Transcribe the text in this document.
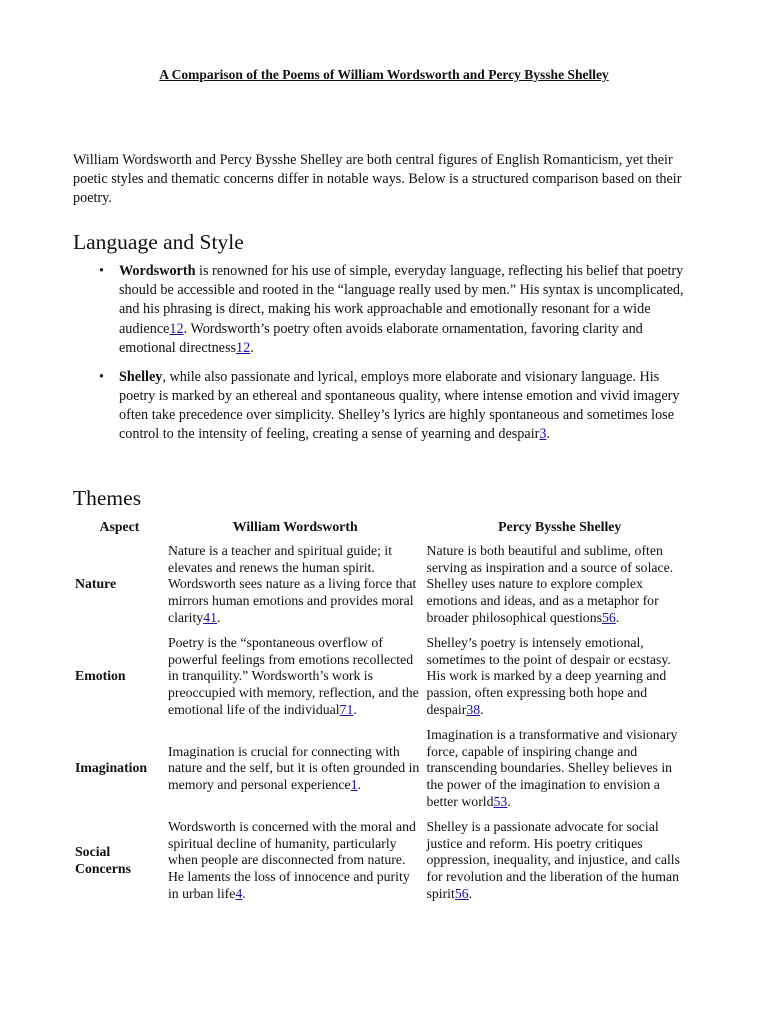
A Comparison of the Poems of William Wordsworth and Percy Bysshe Shelley

William Wordsworth and Percy Bysshe Shelley are both central figures of English Romanticism, yet their poetic styles and thematic concerns differ in notable ways. Below is a structured comparison based on their poetry.

Language and Style
• Wordsworth is renowned for his use of simple, everyday language, reflecting his belief that poetry should be accessible and rooted in the “language really used by men.” His syntax is uncomplicated, and his phrasing is direct, making his work approachable and emotionally resonant for a wide audience12. Wordsworth’s poetry often avoids elaborate ornamentation, favoring clarity and emotional directness12.
• Shelley, while also passionate and lyrical, employs more elaborate and visionary language. His poetry is marked by an ethereal and spontaneous quality, where intense emotion and vivid imagery often take precedence over simplicity. Shelley’s lyrics are highly spontaneous and sometimes lose control to the intensity of feeling, creating a sense of yearning and despair3.
Themes
Aspect	William Wordsworth	Percy Bysshe Shelley
Nature	Nature is a teacher and spiritual guide; it elevates and renews the human spirit. Wordsworth sees nature as a living force that mirrors human emotions and provides moral clarity41.	Nature is both beautiful and sublime, often serving as inspiration and a source of solace. Shelley uses nature to explore complex emotions and ideas, and as a metaphor for broader philosophical questions56.
Emotion	Poetry is the “spontaneous overflow of powerful feelings from emotions recollected in tranquility.” Wordsworth’s work is preoccupied with memory, reflection, and the emotional life of the individual71.	Shelley’s poetry is intensely emotional, sometimes to the point of despair or ecstasy. His work is marked by a deep yearning and passion, often expressing both hope and despair38.
Imagination	Imagination is crucial for connecting with nature and the self, but it is often grounded in memory and personal experience1.	Imagination is a transformative and visionary force, capable of inspiring change and transcending boundaries. Shelley believes in the power of the imagination to envision a better world53.
Social Concerns	Wordsworth is concerned with the moral and spiritual decline of humanity, particularly when people are disconnected from nature. He laments the loss of innocence and purity in urban life4.	Shelley is a passionate advocate for social justice and reform. His poetry critiques oppression, inequality, and injustice, and calls for revolution and the liberation of the human spirit56.
